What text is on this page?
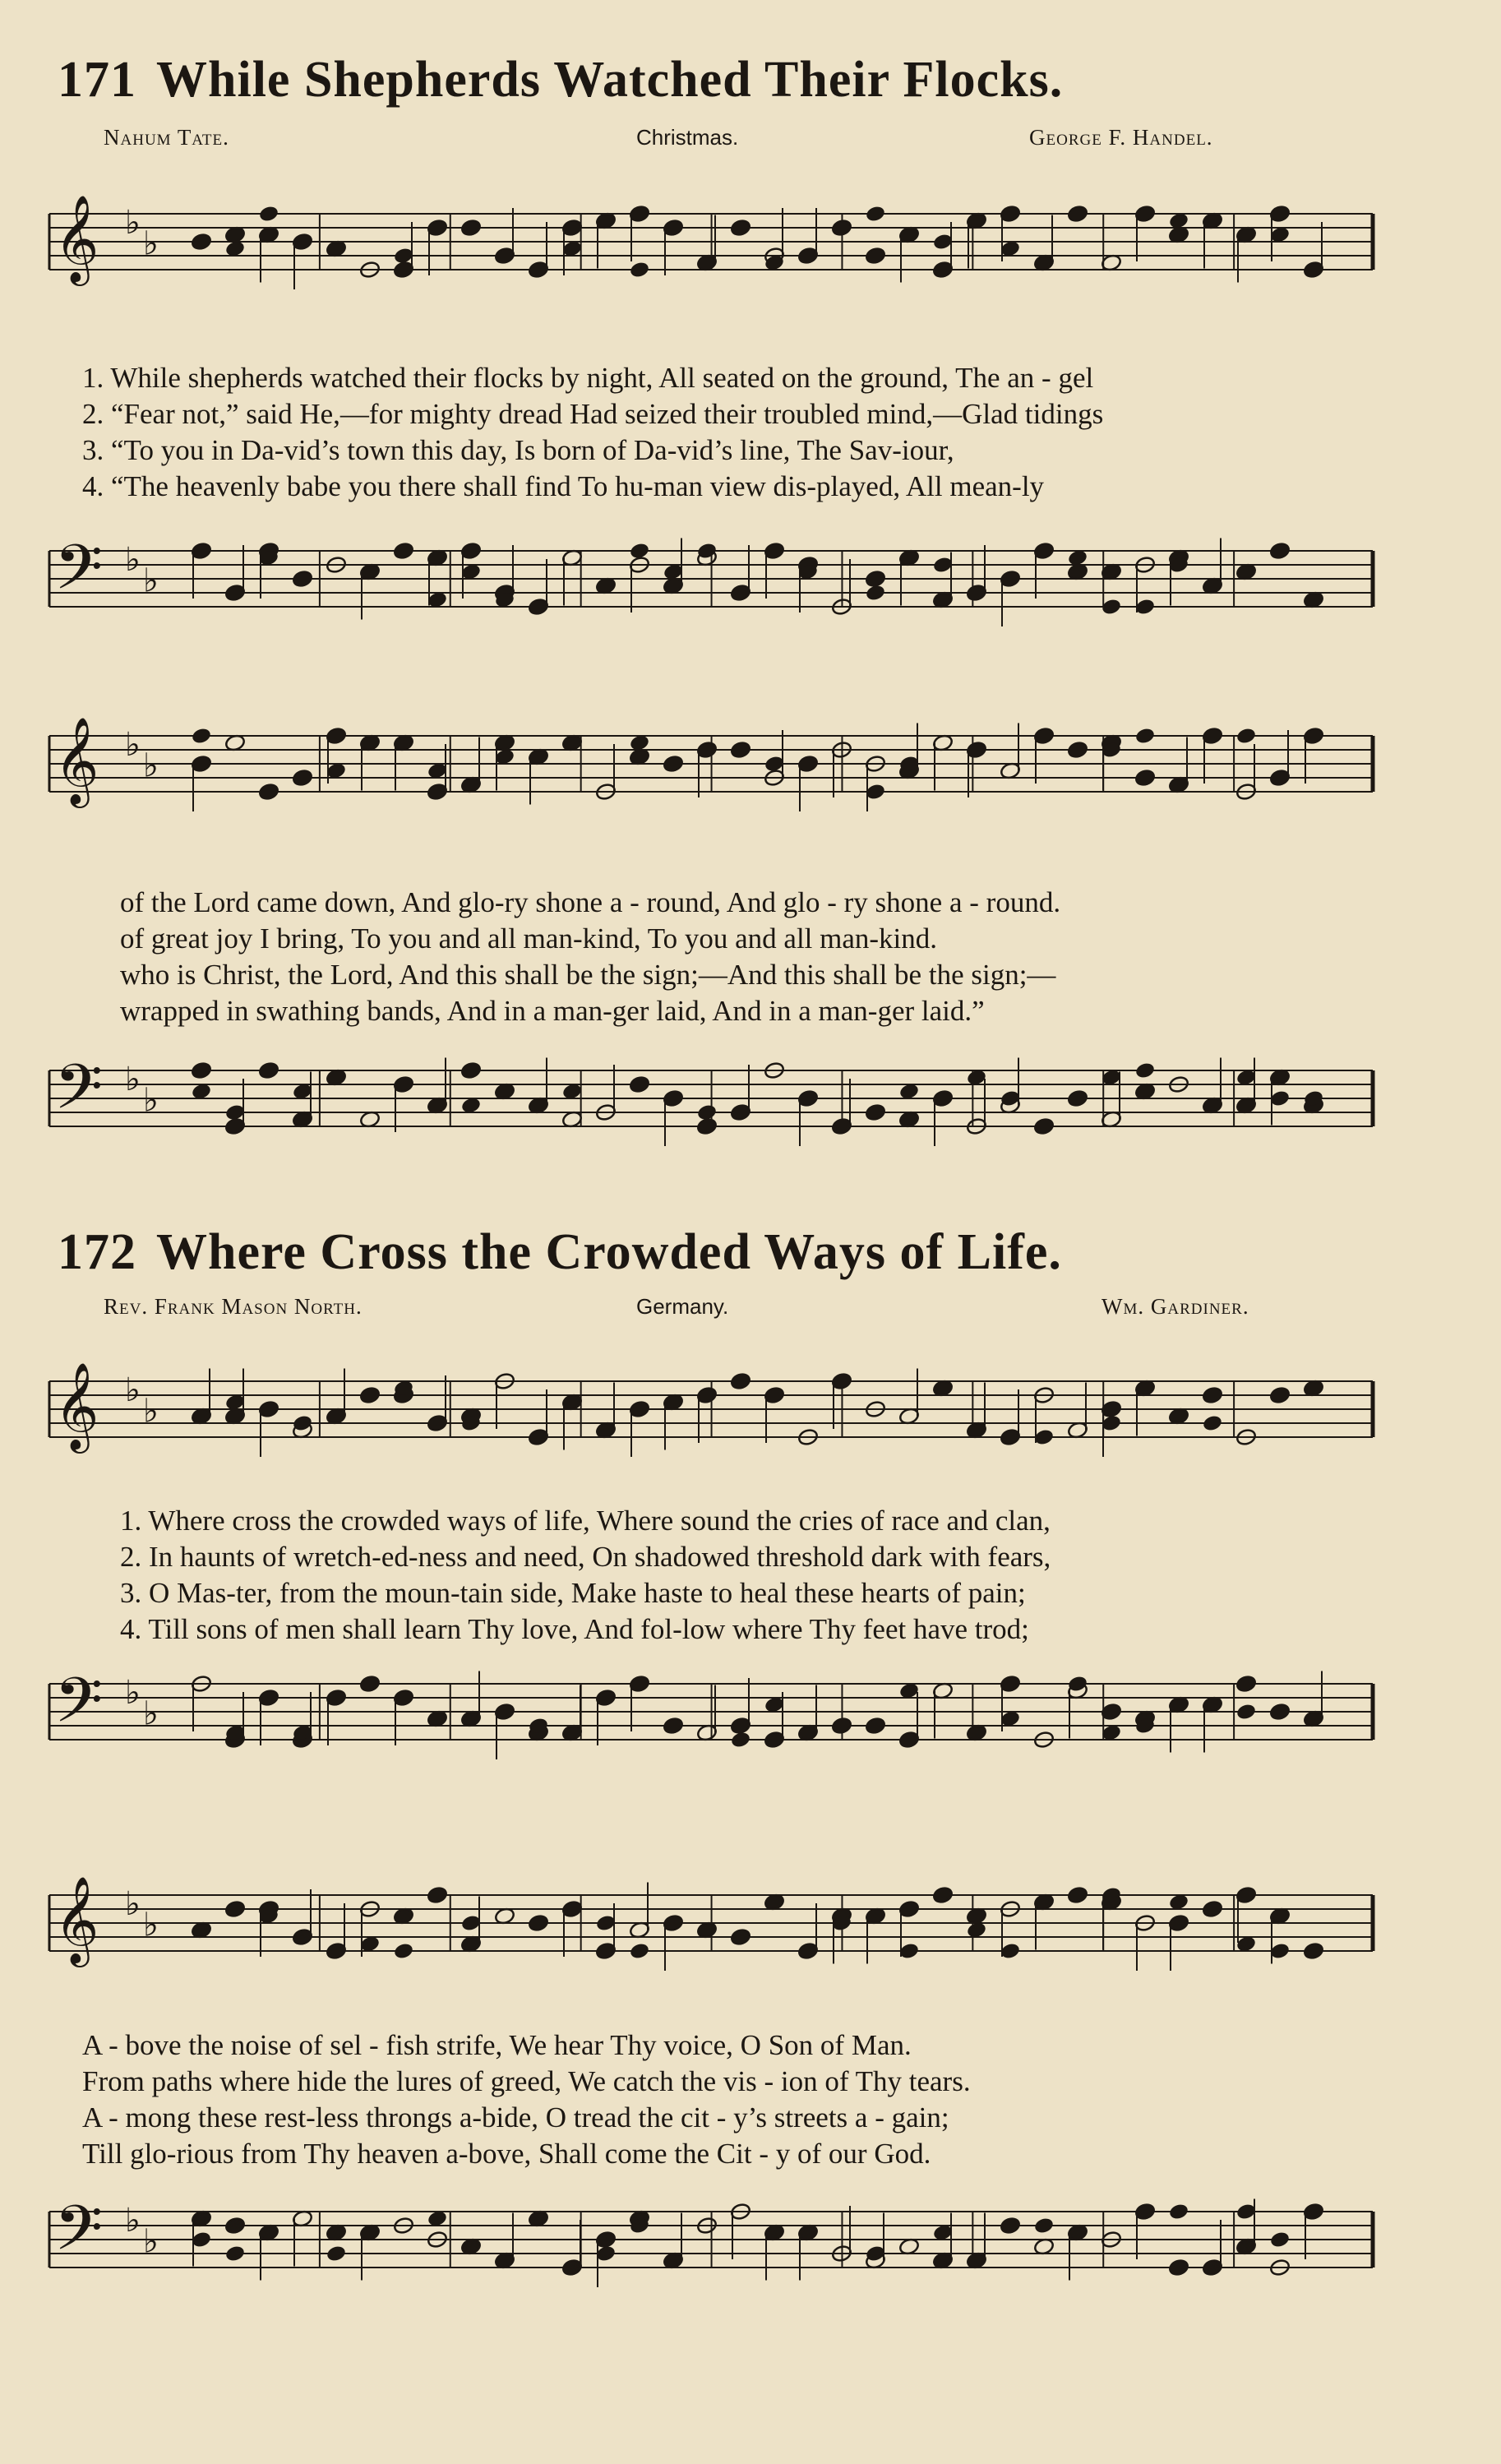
171 While Shepherds Watched Their Flocks.
Nahum Tate.	Christmas.	George F. Handel.
𝄞 ♭
♭
1. While shepherds watched their flocks by night, All seated on the ground, The an - gel
2. “Fear not,” said He,—for mighty dread Had seized their troubled mind,—Glad tidings
3. “To you in Da-vid’s town this day, Is born of Da-vid’s line, The Sav-iour,
4. “The heavenly babe you there shall find To hu-man view dis-played, All mean-ly
𝄢 ♭
♭
𝄞 ♭
♭
of the Lord came down, And glo-ry shone a - round, And glo - ry shone a - round.
of great joy I bring, To you and all man-kind, To you and all man-kind.
who is Christ, the Lord, And this shall be the sign;—And this shall be the sign;—
wrapped in swathing bands, And in a man-ger laid, And in a man-ger laid.”
𝄢 ♭
♭
172 Where Cross the Crowded Ways of Life.
Rev. Frank Mason North.	Germany.	Wm. Gardiner.
𝄞 ♭
♭
1. Where cross the crowded ways of life, Where sound the cries of race and clan,
2. In haunts of wretch-ed-ness and need, On shadowed threshold dark with fears,
3. O Mas-ter, from the moun-tain side, Make haste to heal these hearts of pain;
4. Till sons of men shall learn Thy love, And fol-low where Thy feet have trod;
𝄢 ♭
♭
𝄞 ♭
♭
A - bove the noise of sel - fish strife, We hear Thy voice, O Son of Man.
From paths where hide the lures of greed, We catch the vis - ion of Thy tears.
A - mong these rest-less throngs a-bide, O tread the cit - y’s streets a - gain;
Till glo-rious from Thy heaven a-bove, Shall come the Cit - y of our God.
𝄢 ♭
♭
